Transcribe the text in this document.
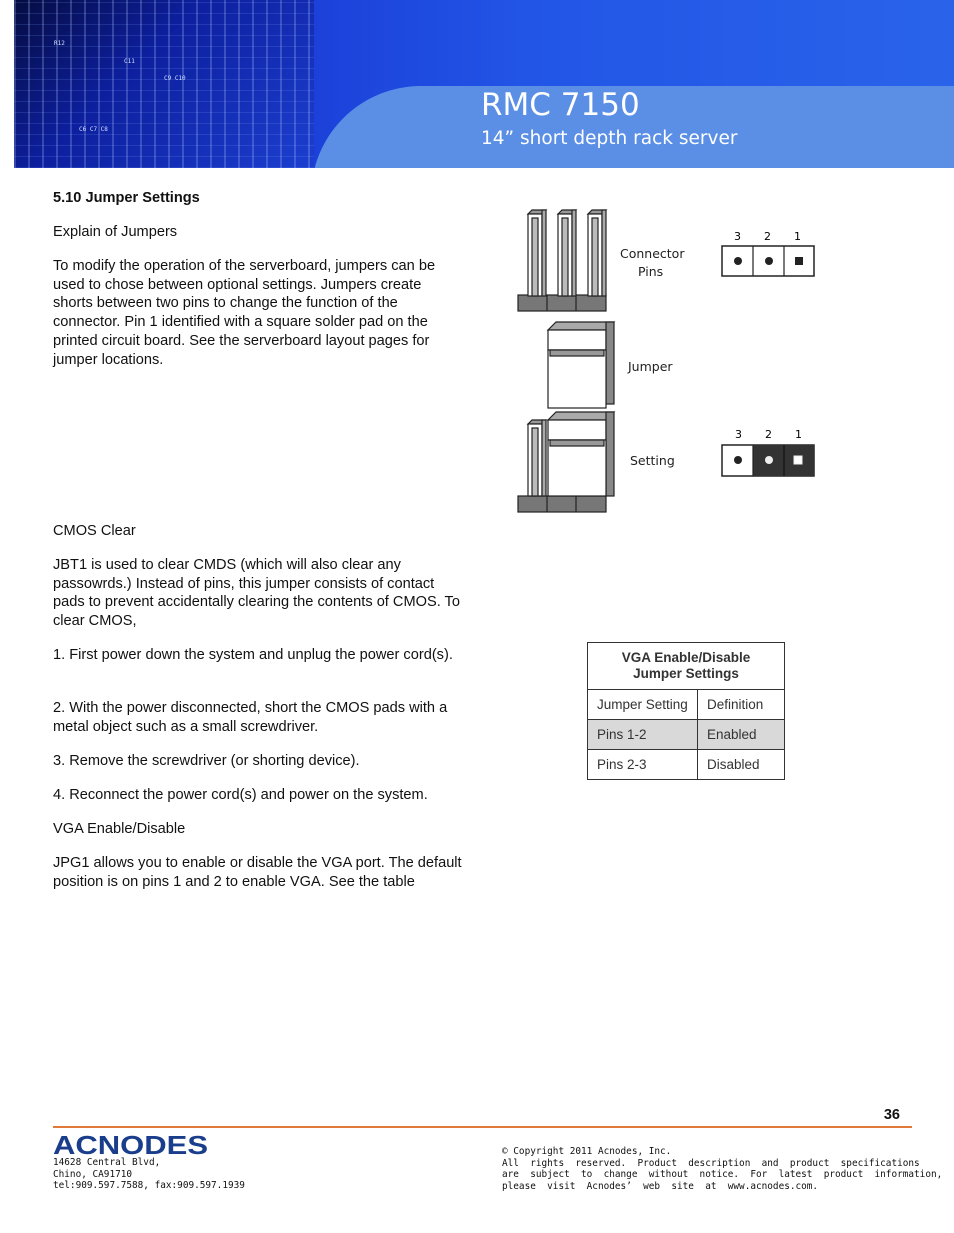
C6 C7 C8
C9 C10
C11
R12
RMC 7150

14” short depth rack server

5.10 Jumper Settings

Explain of Jumpers

To modify the operation of the serverboard, jumpers can be used to chose between optional settings. Jumpers create shorts between two pins to change the function of the connector. Pin 1 identified with a square solder pad on the printed circuit board. See the serverboard layout pages for jumper locations.

CMOS Clear

JBT1 is used to clear CMDS (which will also clear any passowrds.) Instead of pins, this jumper consists of contact pads to prevent accidentally clearing the contents of CMOS. To clear CMOS,

1. First power down the system and unplug the power cord(s).

2. With the power disconnected, short the CMOS pads with a metal object such as a small screwdriver.

3. Remove the screwdriver (or shorting device).

4. Reconnect the power cord(s) and power on the system.

VGA Enable/Disable

JPG1 allows you to enable or disable the VGA port. The default position is on pins 1 and 2 to enable VGA. See the table

Connector
Pins
Jumper
Setting
3 2 1
3 2 1
VGA Enable/Disable
Jumper Settings	
Jumper Setting	Definition
Pins 1-2	Enabled
Pins 2-3	Disabled
36
ACNODES

14628 Central Blvd,
Chino, CA91710
tel:909.597.7588, fax:909.597.1939

© Copyright 2011 Acnodes, Inc.
All  rights  reserved.  Product  description  and  product  specifications
are  subject  to  change  without  notice.  For  latest  product  information,
please  visit  Acnodes’  web  site  at  www.acnodes.com.
